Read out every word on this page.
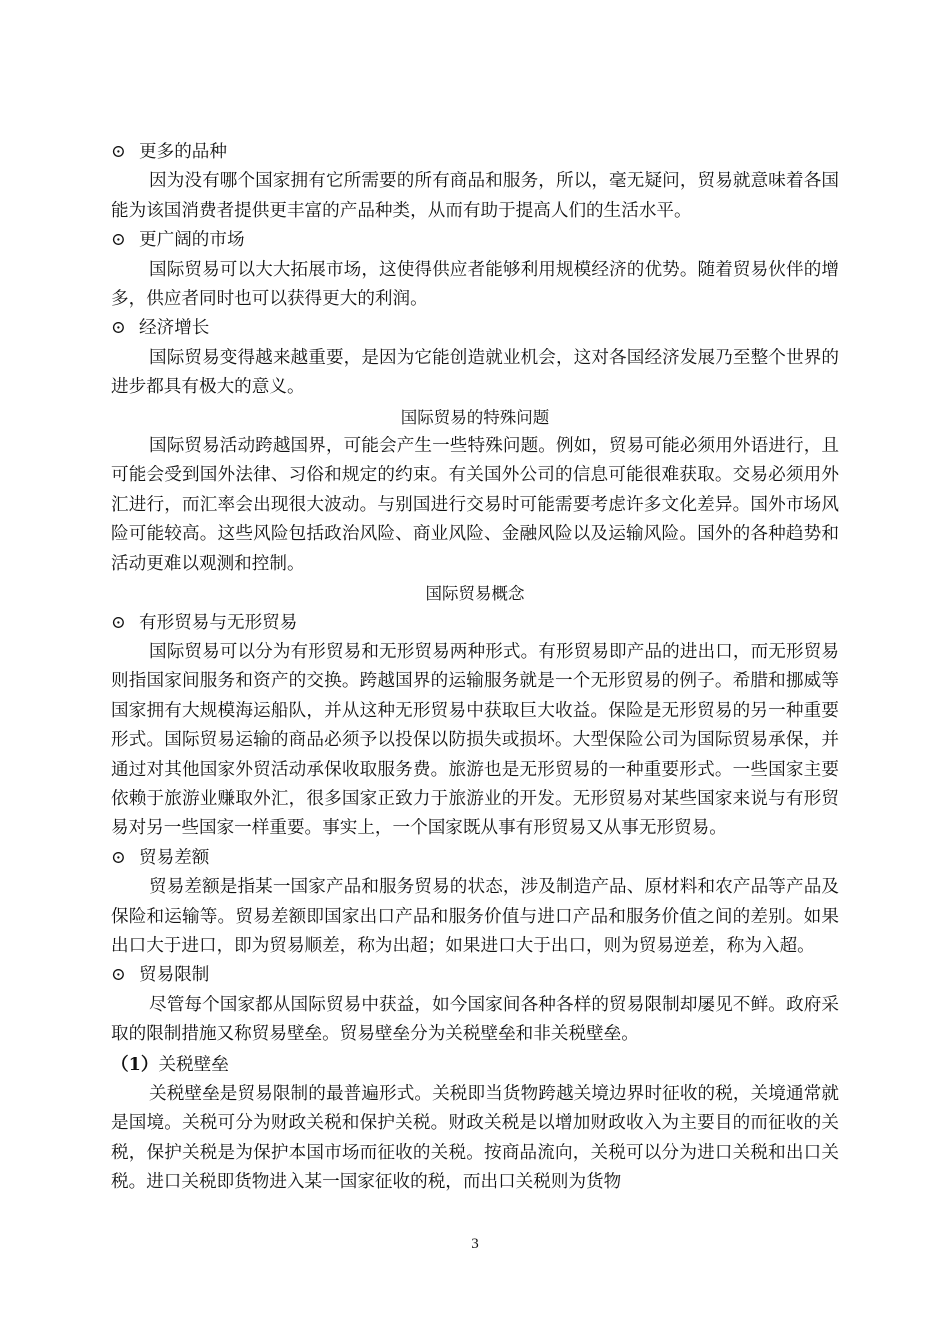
⊙ 更多的品种

因为没有哪个国家拥有它所需要的所有商品和服务，所以，毫无疑问，贸易就意味着各国能为该国消费者提供更丰富的产品种类，从而有助于提高人们的生活水平。

⊙ 更广阔的市场

国际贸易可以大大拓展市场，这使得供应者能够利用规模经济的优势。随着贸易伙伴的增多，供应者同时也可以获得更大的利润。

⊙ 经济增长

国际贸易变得越来越重要，是因为它能创造就业机会，这对各国经济发展乃至整个世界的进步都具有极大的意义。

国际贸易的特殊问题

国际贸易活动跨越国界，可能会产生一些特殊问题。例如，贸易可能必须用外语进行，且可能会受到国外法律、习俗和规定的约束。有关国外公司的信息可能很难获取。交易必须用外汇进行，而汇率会出现很大波动。与别国进行交易时可能需要考虑许多文化差异。国外市场风险可能较高。这些风险包括政治风险、商业风险、金融风险以及运输风险。国外的各种趋势和活动更难以观测和控制。

国际贸易概念

⊙ 有形贸易与无形贸易

国际贸易可以分为有形贸易和无形贸易两种形式。有形贸易即产品的进出口，而无形贸易则指国家间服务和资产的交换。跨越国界的运输服务就是一个无形贸易的例子。希腊和挪威等国家拥有大规模海运船队，并从这种无形贸易中获取巨大收益。保险是无形贸易的另一种重要形式。国际贸易运输的商品必须予以投保以防损失或损坏。大型保险公司为国际贸易承保，并通过对其他国家外贸活动承保收取服务费。旅游也是无形贸易的一种重要形式。一些国家主要依赖于旅游业赚取外汇，很多国家正致力于旅游业的开发。无形贸易对某些国家来说与有形贸易对另一些国家一样重要。事实上，一个国家既从事有形贸易又从事无形贸易。

⊙ 贸易差额

贸易差额是指某一国家产品和服务贸易的状态，涉及制造产品、原材料和农产品等产品及保险和运输等。贸易差额即国家出口产品和服务价值与进口产品和服务价值之间的差别。如果出口大于进口，即为贸易顺差，称为出超；如果进口大于出口，则为贸易逆差，称为入超。

⊙ 贸易限制

尽管每个国家都从国际贸易中获益，如今国家间各种各样的贸易限制却屡见不鲜。政府采取的限制措施又称贸易壁垒。贸易壁垒分为关税壁垒和非关税壁垒。

（1）关税壁垒

关税壁垒是贸易限制的最普遍形式。关税即当货物跨越关境边界时征收的税，关境通常就是国境。关税可分为财政关税和保护关税。财政关税是以增加财政收入为主要目的而征收的关税，保护关税是为保护本国市场而征收的关税。按商品流向，关税可以分为进口关税和出口关税。进口关税即货物进入某一国家征收的税，而出口关税则为货物

3
